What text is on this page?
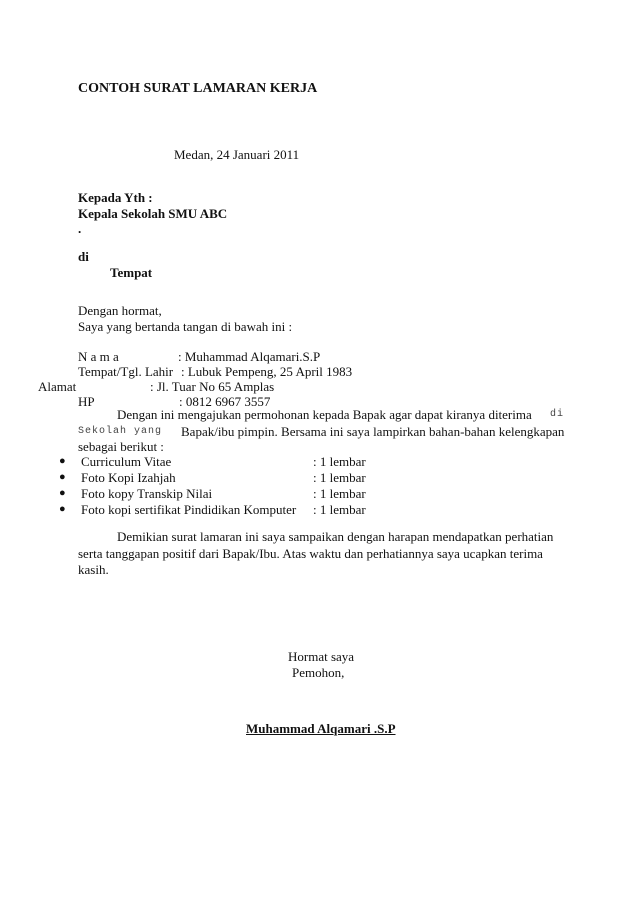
CONTOH SURAT LAMARAN KERJA
Medan, 24 Januari 2011
Kepada Yth :
Kepala Sekolah SMU ABC
.
di
Tempat
Dengan hormat,
Saya yang bertanda tangan di bawah ini :
N a m a	: Muhammad Alqamari.S.P
Tempat/Tgl. Lahir : Lubuk Pempeng, 25 April 1983
Alamat	: Jl. Tuar No 65 Amplas
HP	: 0812 6967 3557
Dengan ini mengajukan permohonan kepada Bapak agar dapat kiranya diterima di
Sekolah yang Bapak/ibu pimpin. Bersama ini saya lampirkan bahan-bahan kelengkapan
sebagai berikut :
● Curriculum Vitae	: 1 lembar
● Foto Kopi Izahjah	: 1 lembar
● Foto kopy Transkip Nilai	: 1 lembar
● Foto kopi sertifikat Pindidikan Komputer : 1 lembar
Demikian surat lamaran ini saya sampaikan dengan harapan mendapatkan perhatian
serta tanggapan positif dari Bapak/Ibu. Atas waktu dan perhatiannya saya ucapkan terima
kasih.
Hormat saya
Pemohon,
Muhammad Alqamari .S.P
